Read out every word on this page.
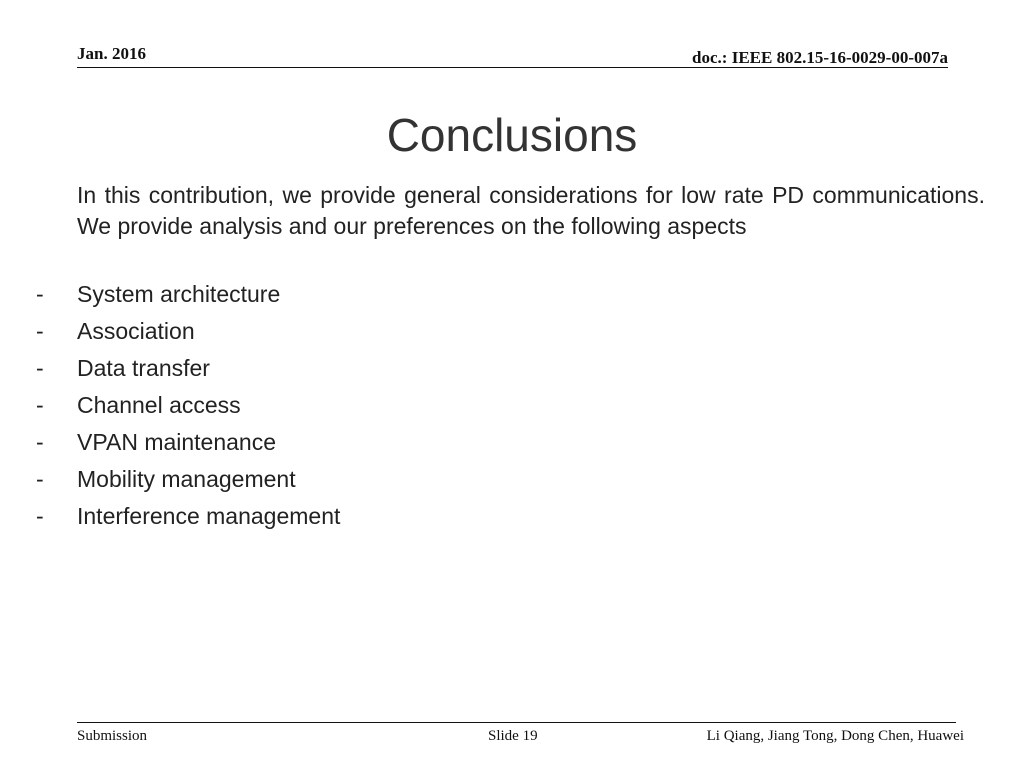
Jan. 2016	doc.: IEEE 802.15-16-0029-00-007a
Conclusions

In this contribution, we provide general considerations for low rate PD communications. We provide analysis and our preferences on the following aspects

- System architecture
- Association
- Data transfer
- Channel access
- VPAN maintenance
- Mobility management
- Interference management
Submission	Slide 19	Li Qiang, Jiang Tong, Dong Chen, Huawei
